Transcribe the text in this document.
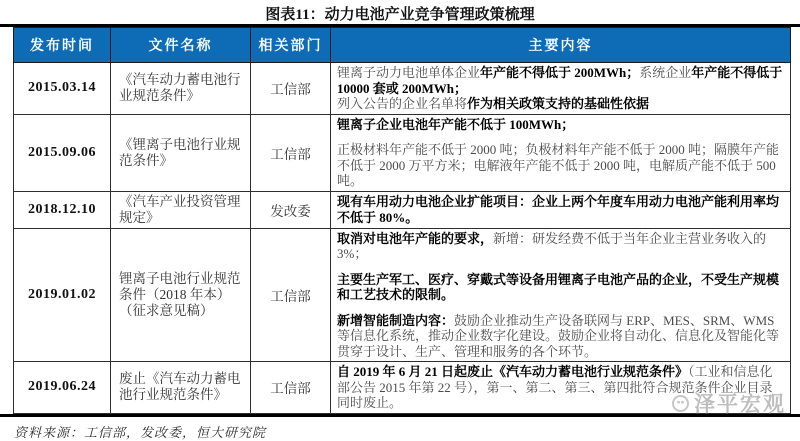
图表11：动力电池产业竞争管理政策梳理
发布时间	文件名称	相关部门	主要内容
2015.03.14	《汽车动力蓄电池行业规范条件》	工信部	锂离子动力电池单体企业年产能不得低于 200MWh；系统企业年产能不得低于 10000 套或 200MWh；
列入公告的企业名单将作为相关政策支持的基础性依据

2015.09.06	《锂离子电池行业规范条件》	工信部	锂离子企业电池年产能不低于 100MWh；
正极材料年产能不低于 2000 吨；负极材料年产能不低于 2000 吨；隔膜年产能不低于 2000 万平方米；电解液年产能不低于 2000 吨，电解质产能不低于 500 吨。

2018.12.10	《汽车产业投资管理规定》	发改委	现有车用动力电池企业扩能项目：企业上两个年度车用动力电池产能利用率均不低于 80%。

2019.01.02	锂离子电池行业规范条件（2018 年本）（征求意见稿）	工信部	取消对电池年产能的要求，新增：研发经费不低于当年企业主营业务收入的 3%；
主要生产军工、医疗、穿戴式等设备用锂离子电池产品的企业，不受生产规模和工艺技术的限制。
新增智能制造内容：鼓励企业推动生产设备联网与 ERP、MES、SRM、WMS 等信息化系统，推动企业数字化建设。鼓励企业将自动化、信息化及智能化等贯穿于设计、生产、管理和服务的各个环节。

2019.06.24	废止《汽车动力蓄电池行业规范条件》	工信部	自 2019 年 6 月 21 日起废止《汽车动力蓄电池行业规范条件》（工业和信息化部公告 2015 年第 22 号），第一、第二、第三、第四批符合规范条件企业目录同时废止。
资料来源：工信部，发改委，恒大研究院
泽平宏观
